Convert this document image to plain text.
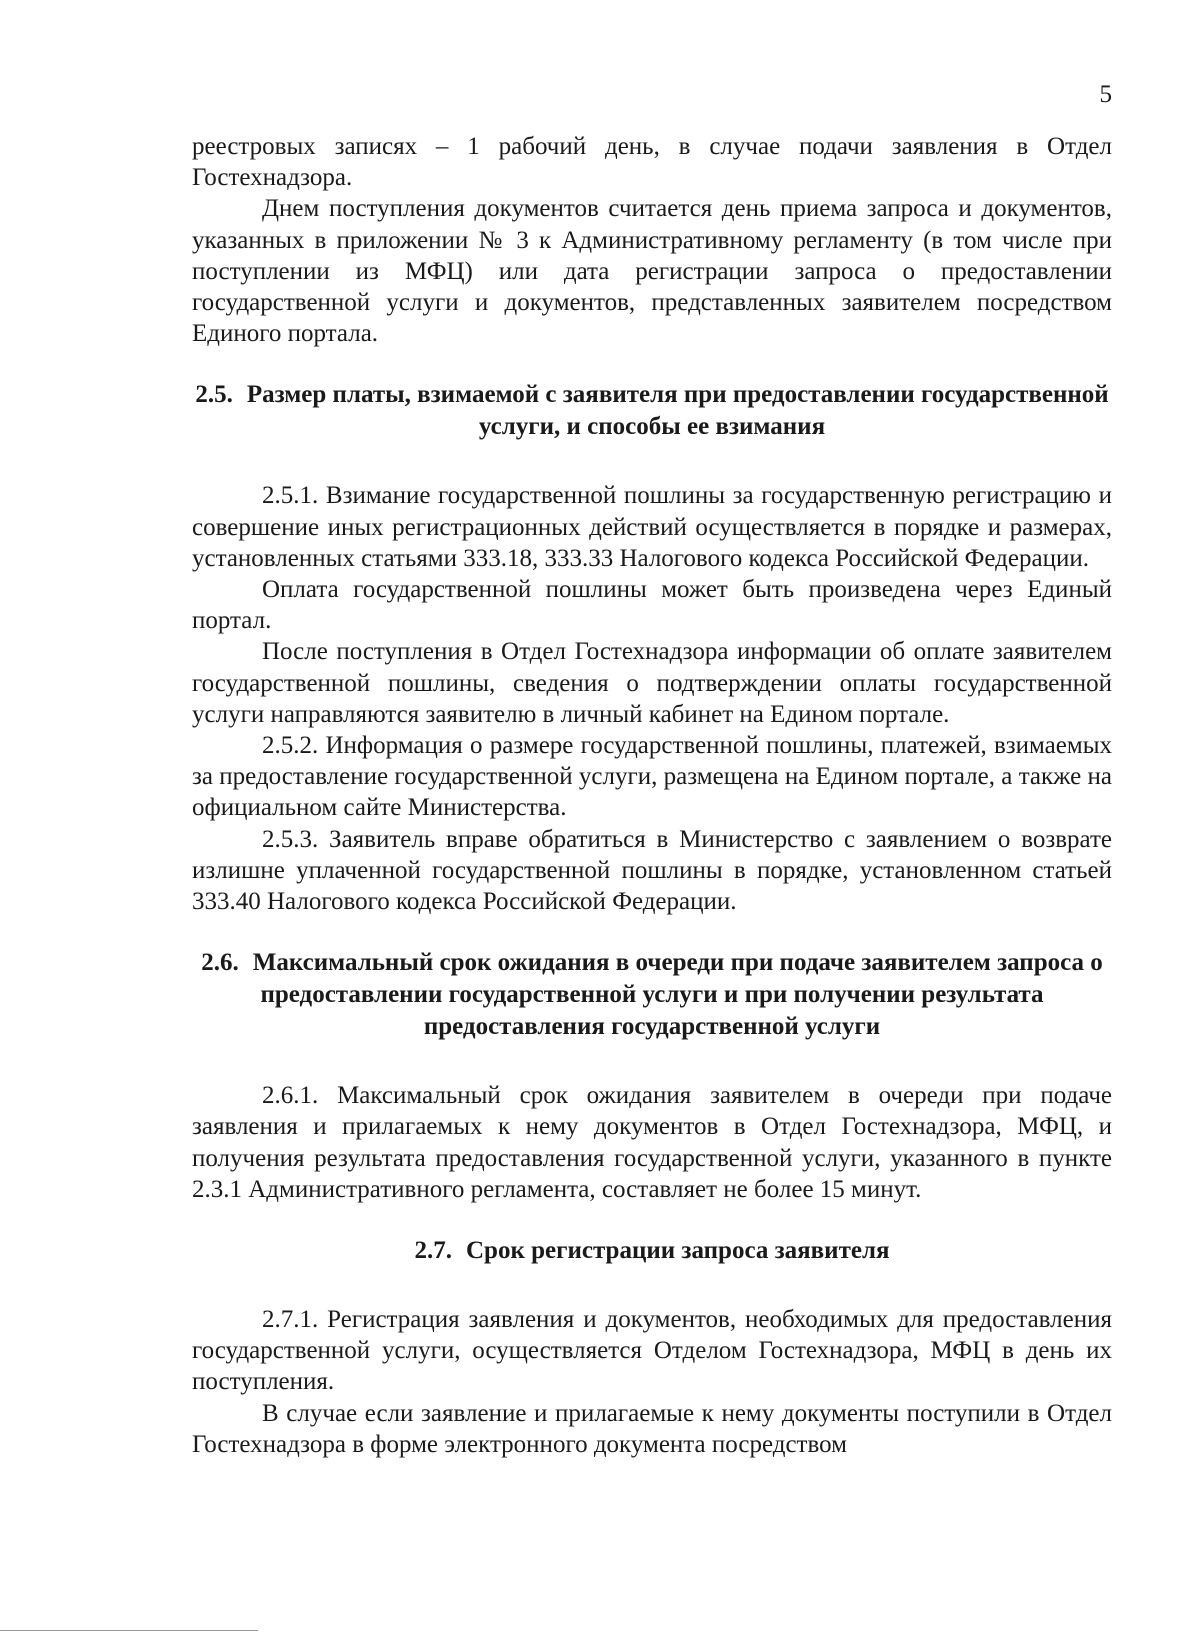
5

реестровых записях – 1 рабочий день, в случае подачи заявления в Отдел Гостехнадзора.

Днем поступления документов считается день приема запроса и документов, указанных в приложении № 3 к Административному регламенту (в том числе при поступлении из МФЦ) или дата регистрации запроса о предоставлении государственной услуги и документов, представленных заявителем посредством Единого портала.

2.5. Размер платы, взимаемой с заявителя при предоставлении государственной услуги, и способы ее взимания

2.5.1. Взимание государственной пошлины за государственную регистрацию и совершение иных регистрационных действий осуществляется в порядке и размерах, установленных статьями 333.18, 333.33 Налогового кодекса Российской Федерации.

Оплата государственной пошлины может быть произведена через Единый портал.

После поступления в Отдел Гостехнадзора информации об оплате заявителем государственной пошлины, сведения о подтверждении оплаты государственной услуги направляются заявителю в личный кабинет на Едином портале.

2.5.2. Информация о размере государственной пошлины, платежей, взимаемых за предоставление государственной услуги, размещена на Едином портале, а также на официальном сайте Министерства.

2.5.3. Заявитель вправе обратиться в Министерство с заявлением о возврате излишне уплаченной государственной пошлины в порядке, установленном статьей 333.40 Налогового кодекса Российской Федерации.

2.6. Максимальный срок ожидания в очереди при подаче заявителем запроса о предоставлении государственной услуги и при получении результата предоставления государственной услуги

2.6.1. Максимальный срок ожидания заявителем в очереди при подаче заявления и прилагаемых к нему документов в Отдел Гостехнадзора, МФЦ, и получения результата предоставления государственной услуги, указанного в пункте 2.3.1 Административного регламента, составляет не более 15 минут.

2.7. Срок регистрации запроса заявителя

2.7.1. Регистрация заявления и документов, необходимых для предоставления государственной услуги, осуществляется Отделом Гостехнадзора, МФЦ в день их поступления.

В случае если заявление и прилагаемые к нему документы поступили в Отдел Гостехнадзора в форме электронного документа посредством
